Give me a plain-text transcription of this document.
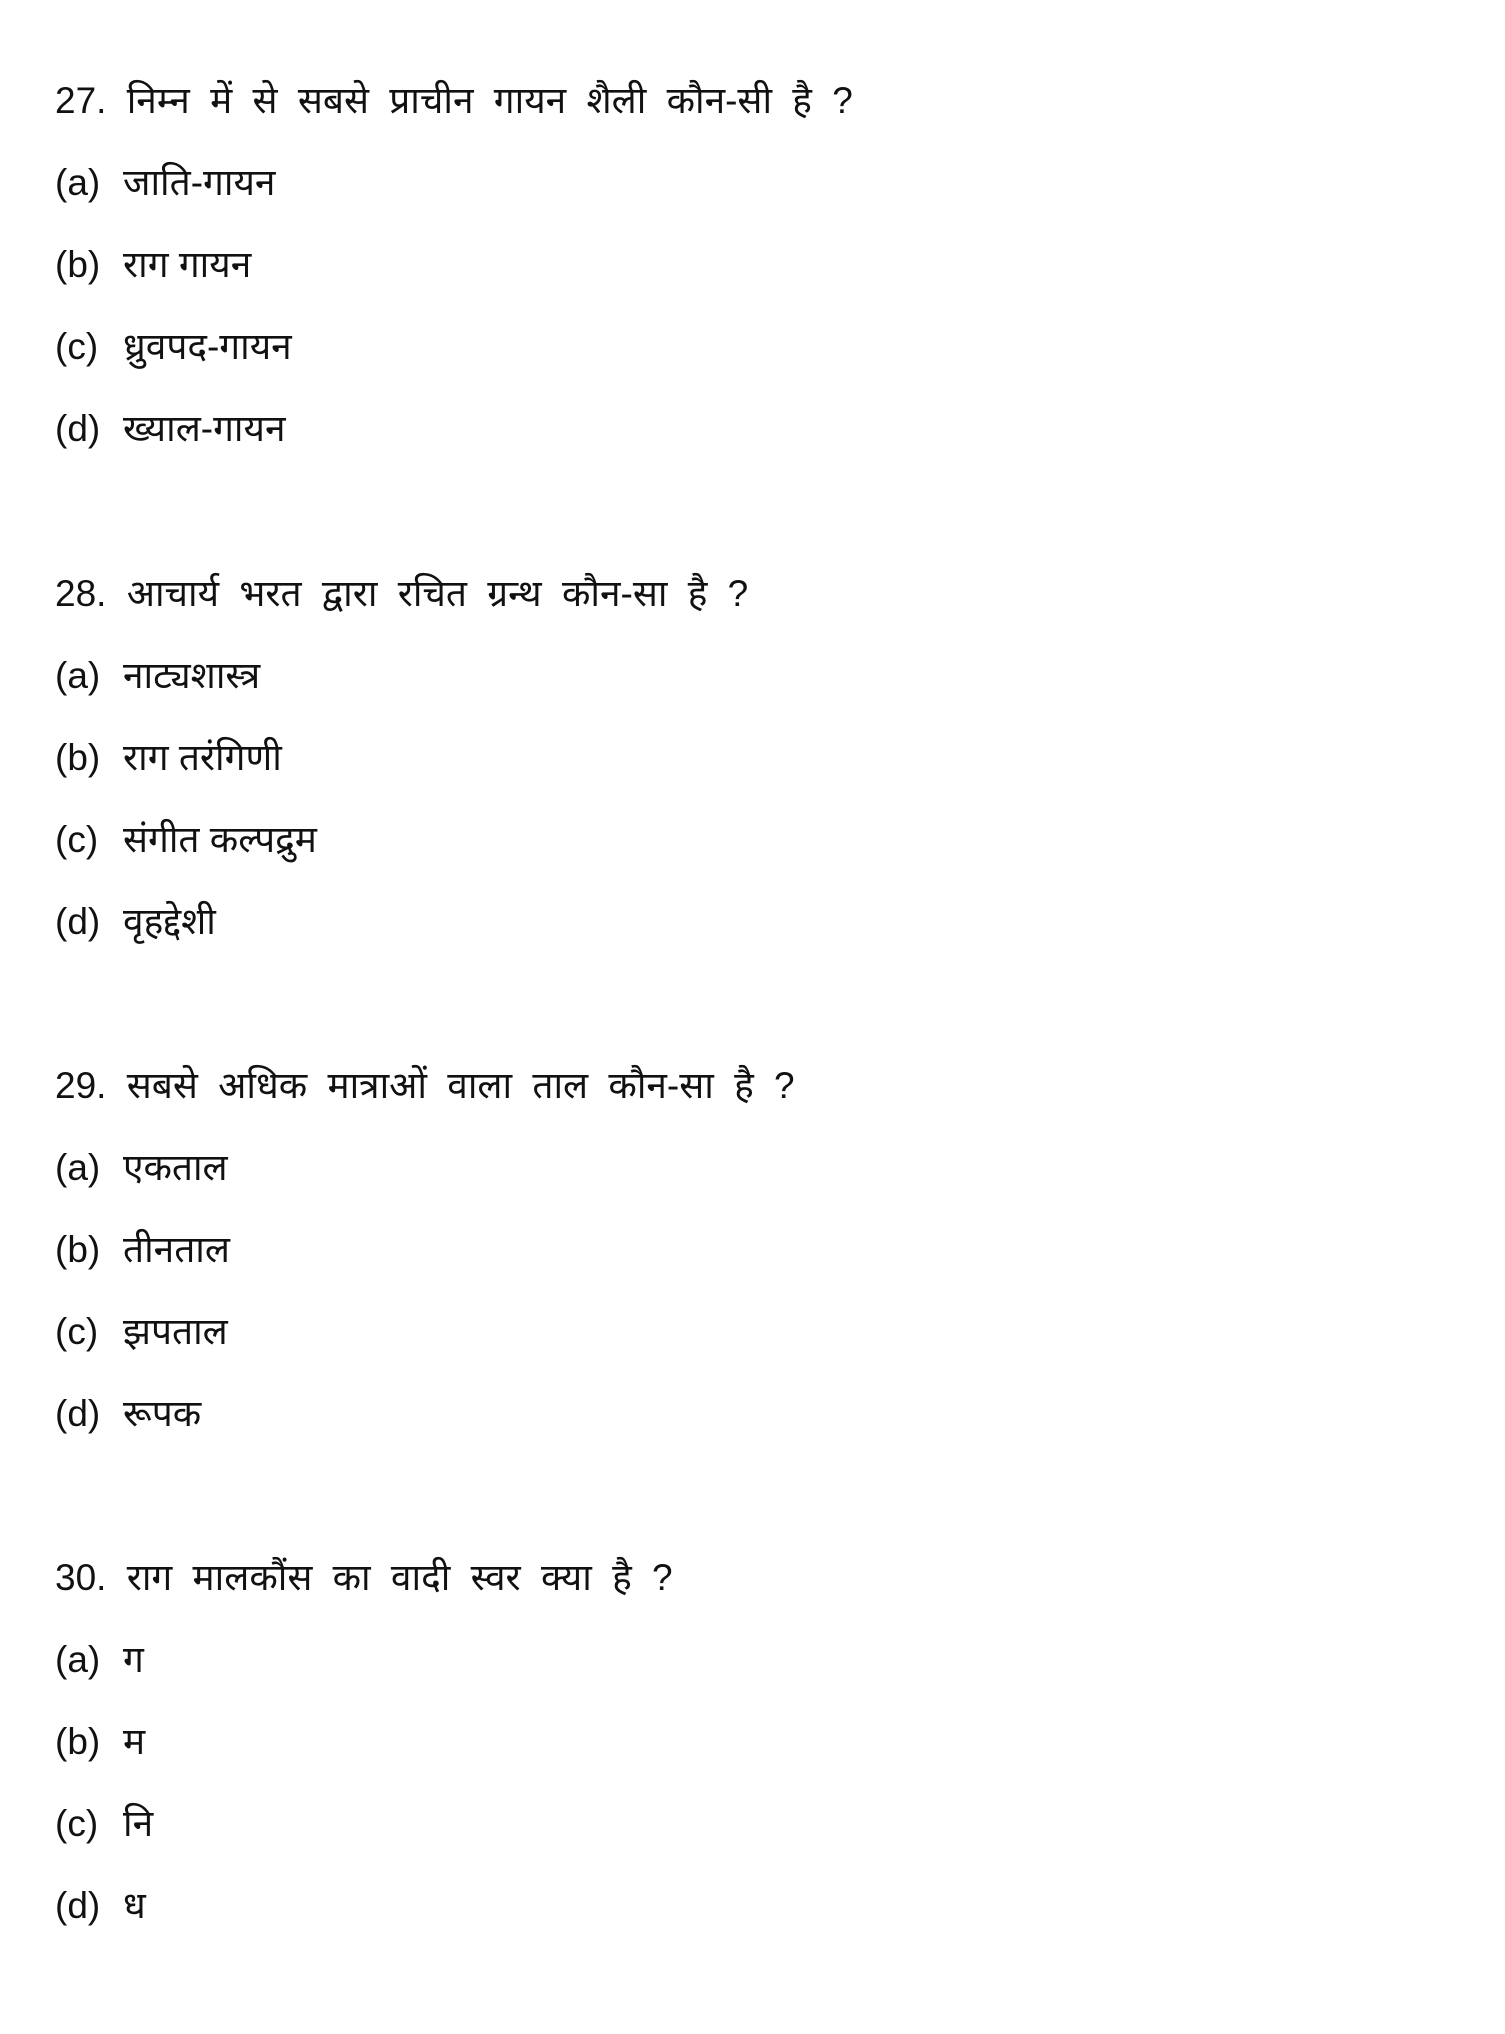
27. निम्न में से सबसे प्राचीन गायन शैली कौन-सी है ?
(a) जाति-गायन
(b) राग गायन
(c) ध्रुवपद-गायन
(d) ख्याल-गायन
28. आचार्य भरत द्वारा रचित ग्रन्थ कौन-सा है ?
(a) नाट्यशास्त्र
(b) राग तरंगिणी
(c) संगीत कल्पद्रुम
(d) वृहद्देशी
29. सबसे अधिक मात्राओं वाला ताल कौन-सा है ?
(a) एकताल
(b) तीनताल
(c) झपताल
(d) रूपक
30. राग मालकौंस का वादी स्वर क्या है ?
(a) ग
(b) म
(c) नि
(d) ध
